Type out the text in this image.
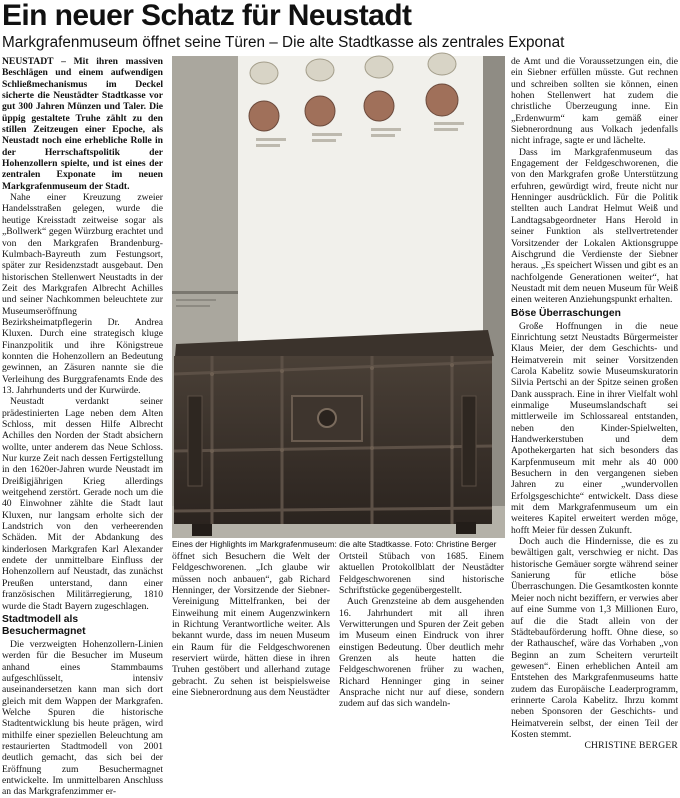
Ein neuer Schatz für Neustadt
Markgrafenmuseum öffnet seine Türen – Die alte Stadtkasse als zentrales Exponat

NEUSTADT – Mit ihren massiven Beschlägen und einem aufwendigen Schließmechanismus im Deckel sicherte die Neustädter Stadtkasse vor gut 300 Jahren Münzen und Taler. Die üppig gestaltete Truhe zählt zu den stillen Zeitzeugen einer Epoche, als Neustadt noch eine erhebliche Rolle in der Herrschaftspolitik der Hohenzollern spielte, und ist eines der zentralen Exponate im neuen Markgrafenmuseum der Stadt.

Nahe einer Kreuzung zweier Handelsstraßen gelegen, wurde die heutige Kreisstadt zeitweise sogar als „Bollwerk“ gegen Würzburg erachtet und von den Markgrafen Brandenburg-Kulmbach-Bayreuth zum Festungsort, später zur Residenzstadt ausgebaut. Den historischen Stellenwert Neustadts in der Zeit des Markgrafen Albrecht Achilles und seiner Nachkommen beleuchtete zur Museumseröffnung Bezirksheimatpflegerin Dr. Andrea Kluxen. Durch eine strategisch kluge Finanzpolitik und ihre Königstreue konnten die Hohenzollern an Bedeutung gewinnen, an Zäsuren nannte sie die Verleihung des Burggrafenamts Ende des 13. Jahrhunderts und der Kurwürde.

Neustadt verdankt seiner prädestinierten Lage neben dem Alten Schloss, mit dessen Hilfe Albrecht Achilles den Norden der Stadt absichern wollte, unter anderem das Neue Schloss. Nur kurze Zeit nach dessen Fertigstellung in den 1620er-Jahren wurde Neustadt im Dreißigjährigen Krieg allerdings weitgehend zerstört. Gerade noch um die 40 Einwohner zählte die Stadt laut Kluxen, nur langsam erholte sich der Landstrich von den verheerenden Schäden. Mit der Abdankung des kinderlosen Markgrafen Karl Alexander endete der unmittelbare Einfluss der Hohenzollern auf Neustadt, das zunächst Preußen unterstand, dann einer französischen Militärregierung, 1810 wurde die Stadt Bayern zugeschlagen.

Stadtmodell als Besuchermagnet

Die verzweigten Hohenzollern-Linien werden für die Besucher im Museum anhand eines Stammbaums aufgeschlüsselt, intensiv auseinandersetzen kann man sich dort gleich mit dem Wappen der Markgrafen. Welche Spuren die historische Stadtentwicklung bis heute prägen, wird mithilfe einer speziellen Beleuchtung am restaurierten Stadtmodell von 2001 deutlich gemacht, das sich bei der Eröffnung zum Besuchermagnet entwickelte. Im unmittelbaren Anschluss an das Markgrafenzimmer er-

Eines der Highlights im Markgrafenmuseum: die alte Stadtkasse. Foto: Christine Berger

öffnet sich Besuchern die Welt der Feldgeschworenen. „Ich glaube wir müssen noch anbauen“, gab Richard Henninger, der Vorsitzende der Siebner-Vereinigung Mittelfranken, bei der Einweihung mit einem Augenzwinkern in Richtung Verantwortliche weiter. Als bekannt wurde, dass im neuen Museum ein Raum für die Feldgeschworenen reserviert würde, hätten diese in ihren Truhen gestöbert und allerhand zutage gebracht. Zu sehen ist beispielsweise eine Siebnerordnung aus dem Neustädter

Ortsteil Stübach von 1685. Einem aktuellen Protokollblatt der Neustädter Feldgeschworenen sind historische Schriftstücke gegenübergestellt.

Auch Grenzsteine ab dem ausgehenden 16. Jahrhundert mit all ihren Verwitterungen und Spuren der Zeit geben im Museum einen Eindruck von ihrer einstigen Bedeutung. Über deutlich mehr Grenzen als heute hatten die Feldgeschworenen früher zu wachen, Richard Henninger ging in seiner Ansprache nicht nur auf diese, sondern zudem auf das sich wandeln-

de Amt und die Voraussetzungen ein, die ein Siebner erfüllen müsste. Gut rechnen und schreiben sollten sie können, einen hohen Stellenwert hat zudem die christliche Überzeugung inne. Ein „Erdenwurm“ kam gemäß einer Siebnerordnung aus Volkach jedenfalls nicht infrage, sagte er und lächelte.

Dass im Markgrafenmuseum das Engagement der Feldgeschworenen, die von den Markgrafen große Unterstützung erfuhren, gewürdigt wird, freute nicht nur Henninger ausdrücklich. Für die Politik stellten auch Landrat Helmut Weiß und Landtagsabgeordneter Hans Herold in seiner Funktion als stellvertretender Vorsitzender der Lokalen Aktionsgruppe Aischgrund die Verdienste der Siebner heraus. „Es speichert Wissen und gibt es an nachfolgende Generationen weiter“, hat Neustadt mit dem neuen Museum für Weiß einen weiteren Anziehungspunkt erhalten.

Böse Überraschungen

Große Hoffnungen in die neue Einrichtung setzt Neustadts Bürgermeister Klaus Meier, der dem Geschichts- und Heimatverein mit seiner Vorsitzenden Carola Kabelitz sowie Museumskuratorin Silvia Pertschi an der Spitze seinen großen Dank aussprach. Eine in ihrer Vielfalt wohl einmalige Museumslandschaft sei mittlerweile im Schlossareal entstanden, neben den Kinder-Spielwelten, Handwerkerstuben und dem Apothekergarten hat sich besonders das Karpfenmuseum mit mehr als 40 000 Besuchern in den vergangenen sieben Jahren zu einer „wundervollen Erfolgsgeschichte“ entwickelt. Dass diese mit dem Markgrafenmuseum um ein weiteres Kapitel erweitert werden möge, hofft Meier für dessen Zukunft.

Doch auch die Hindernisse, die es zu bewältigen galt, verschwieg er nicht. Das historische Gemäuer sorgte während seiner Sanierung für etliche böse Überraschungen. Die Gesamtkosten konnte Meier noch nicht beziffern, er verwies aber auf eine Summe von 1,3 Millionen Euro, auf die die Stadt allein von der Städtebauförderung hofft. Ohne diese, so der Rathauschef, wäre das Vorhaben „von Beginn an zum Scheitern verurteilt gewesen“. Einen erheblichen Anteil am Entstehen des Markgrafenmuseums hatte zudem das Europäische Leaderprogramm, erinnerte Carola Kabelitz. Ihrzu kommt neben Sponsoren der Geschichts- und Heimatverein selbst, der einen Teil der Kosten stemmt.

CHRISTINE BERGER
